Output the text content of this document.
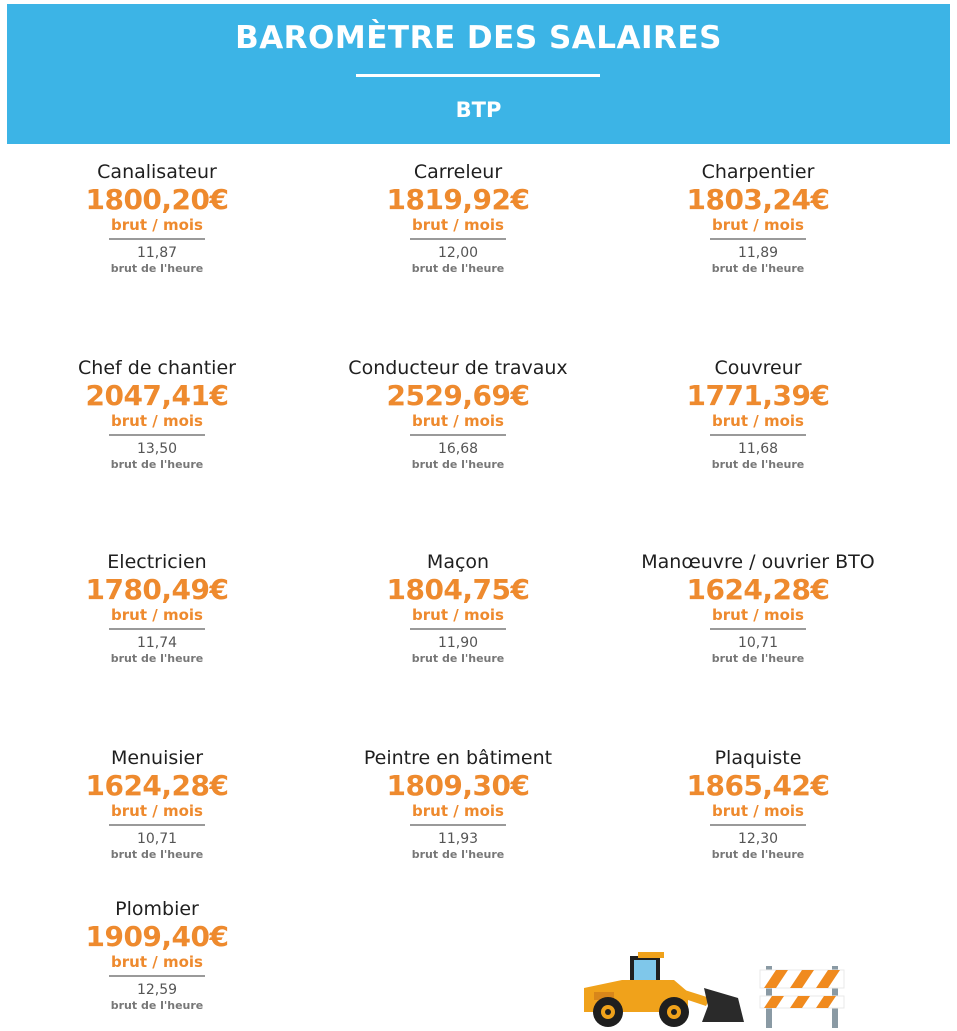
BAROMÈTRE DES SALAIRES
BTP
Canalisateur
1800,20€
brut / mois
11,87
brut de l'heure
Carreleur
1819,92€
brut / mois
12,00
brut de l'heure
Charpentier
1803,24€
brut / mois
11,89
brut de l'heure
Chef de chantier
2047,41€
brut / mois
13,50
brut de l'heure
Conducteur de travaux
2529,69€
brut / mois
16,68
brut de l'heure
Couvreur
1771,39€
brut / mois
11,68
brut de l'heure
Electricien
1780,49€
brut / mois
11,74
brut de l'heure
Maçon
1804,75€
brut / mois
11,90
brut de l'heure
Manœuvre / ouvrier BTO
1624,28€
brut / mois
10,71
brut de l'heure
Menuisier
1624,28€
brut / mois
10,71
brut de l'heure
Peintre en bâtiment
1809,30€
brut / mois
11,93
brut de l'heure
Plaquiste
1865,42€
brut / mois
12,30
brut de l'heure
Plombier
1909,40€
brut / mois
12,59
brut de l'heure
